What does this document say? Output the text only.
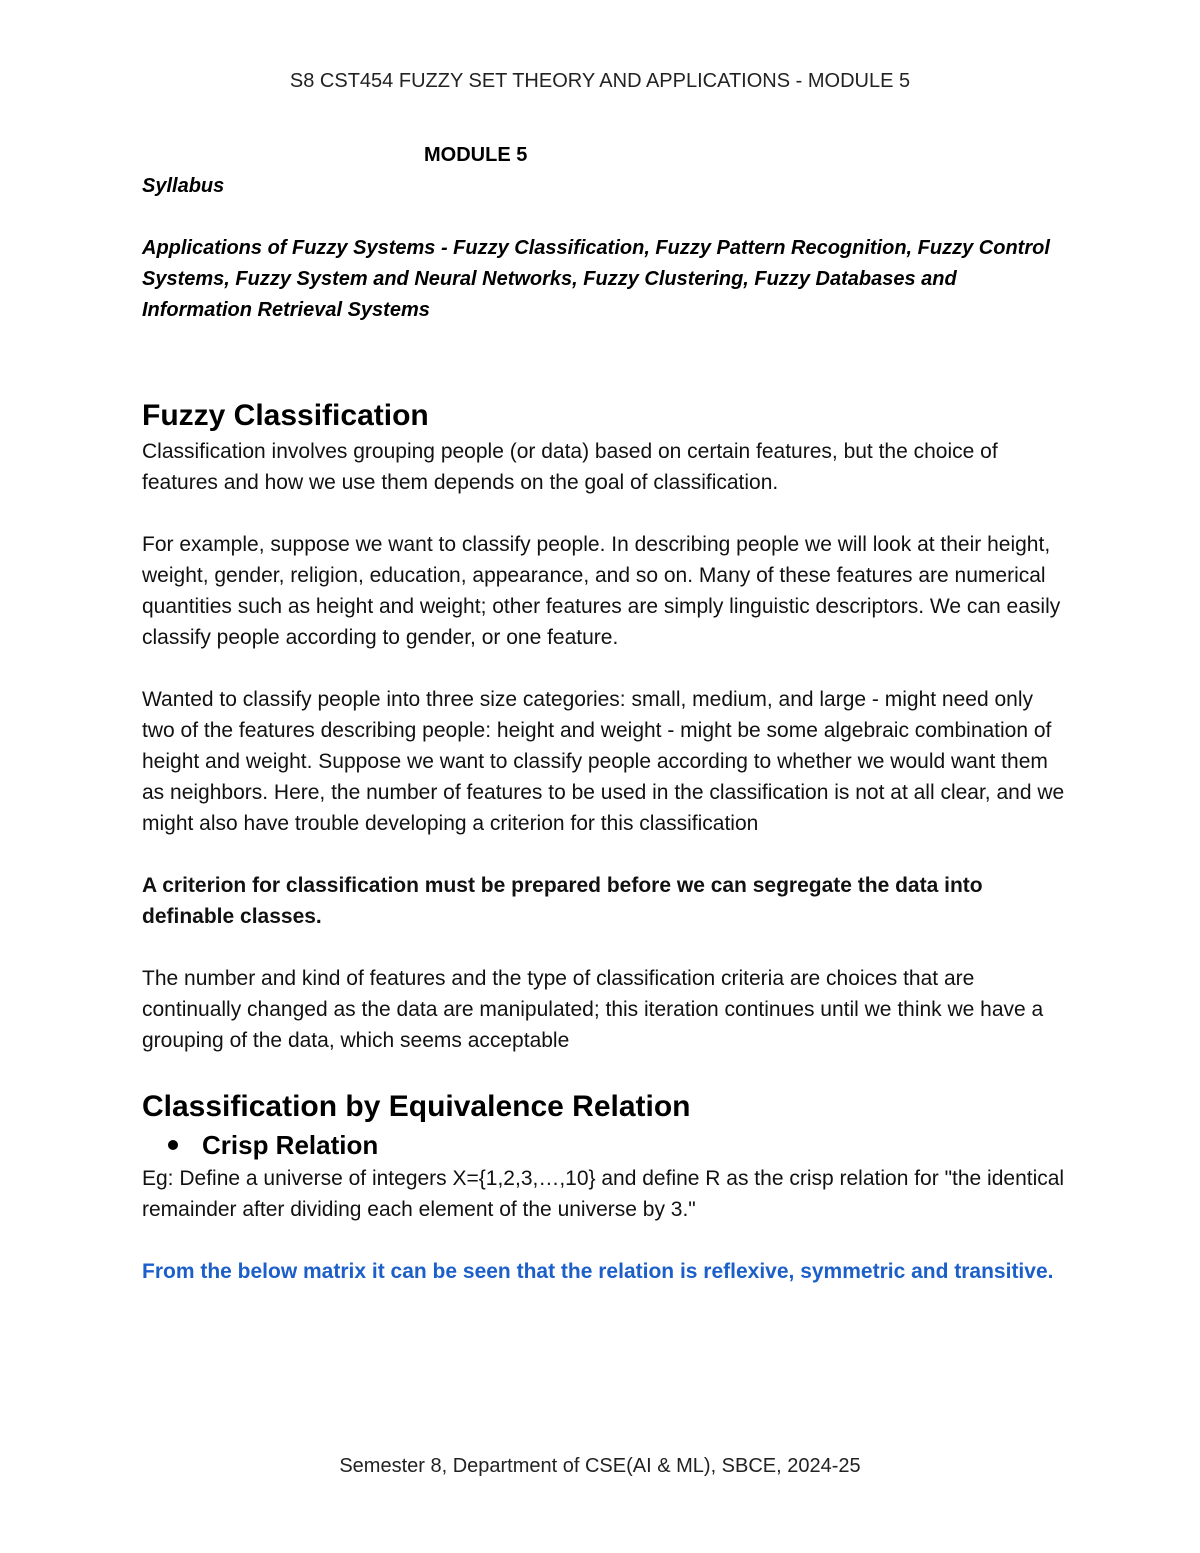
S8 CST454 FUZZY SET THEORY AND APPLICATIONS - MODULE 5

MODULE 5

Syllabus

Applications of Fuzzy Systems - Fuzzy Classification, Fuzzy Pattern Recognition, Fuzzy Control Systems, Fuzzy System and Neural Networks, Fuzzy Clustering, Fuzzy Databases and Information Retrieval Systems

Fuzzy Classification

Classification involves grouping people (or data) based on certain features, but the choice of features and how we use them depends on the goal of classification.

For example, suppose we want to classify people. In describing people we will look at their height, weight, gender, religion, education, appearance, and so on. Many of these features are numerical quantities such as height and weight; other features are simply linguistic descriptors. We can easily classify people according to gender, or one feature.

Wanted to classify people into three size categories: small, medium, and large - might need only two of the features describing people: height and weight - might be some algebraic combination of height and weight. Suppose we want to classify people according to whether we would want them as neighbors. Here, the number of features to be used in the classification is not at all clear, and we might also have trouble developing a criterion for this classification

A criterion for classification must be prepared before we can segregate the data into definable classes.

The number and kind of features and the type of classification criteria are choices that are continually changed as the data are manipulated; this iteration continues until we think we have a grouping of the data, which seems acceptable

Classification by Equivalence Relation
Crisp Relation

Eg: Define a universe of integers X={1,2,3,…,10} and define R as the crisp relation for "the identical remainder after dividing each element of the universe by 3."

From the below matrix it can be seen that the relation is reflexive, symmetric and transitive.

Semester 8, Department of CSE(AI & ML), SBCE, 2024-25
